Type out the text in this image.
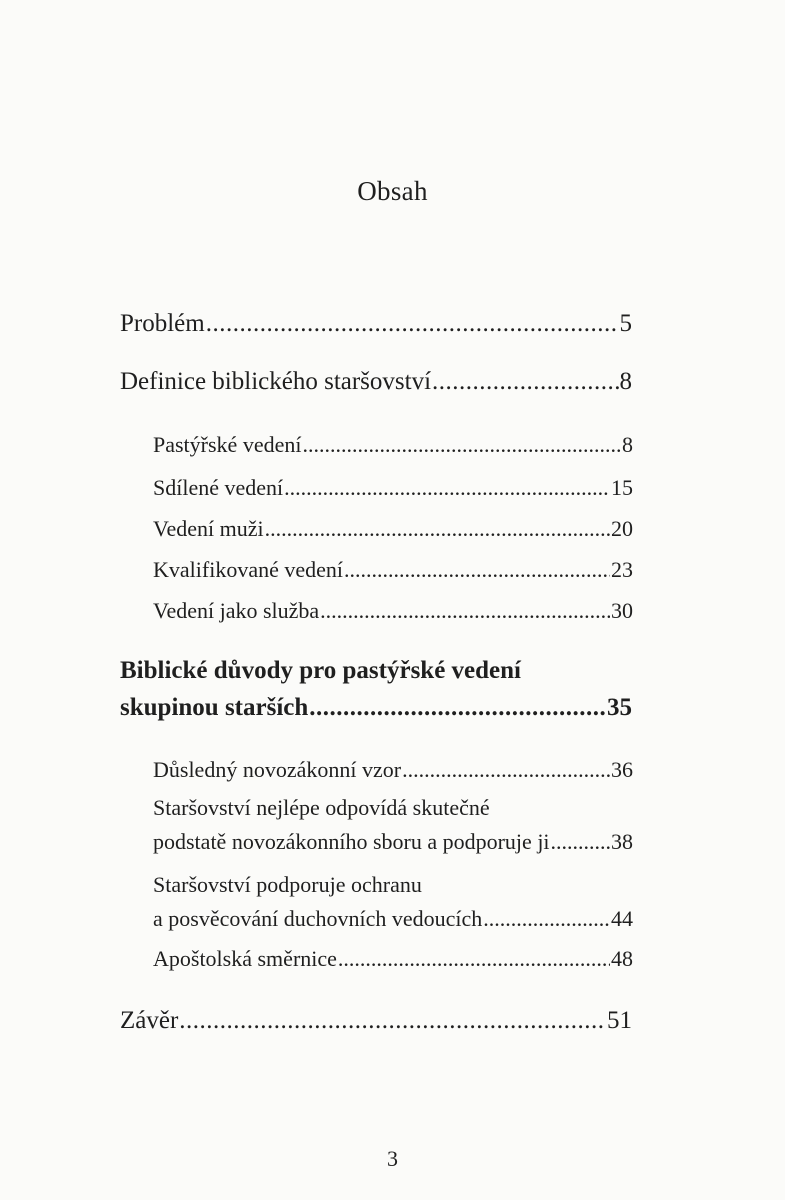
Obsah
Problém .....	5
Definice biblického staršovství .....	8
Pastýřské vedení .....	8
Sdílené vedení .....	15
Vedení muži .....	20
Kvalifikované vedení .....	23
Vedení jako služba .....	30
Biblické důvody pro pastýřské vedení
skupinou starších .....	35
Důsledný novozákonní vzor .....	36
Staršovství nejlépe odpovídá skutečné
podstatě novozákonního sboru a podporuje ji .....	38
Staršovství podporuje ochranu
a posvěcování duchovních vedoucích .....	44
Apoštolská směrnice .....	48
Závěr .....	51
3
